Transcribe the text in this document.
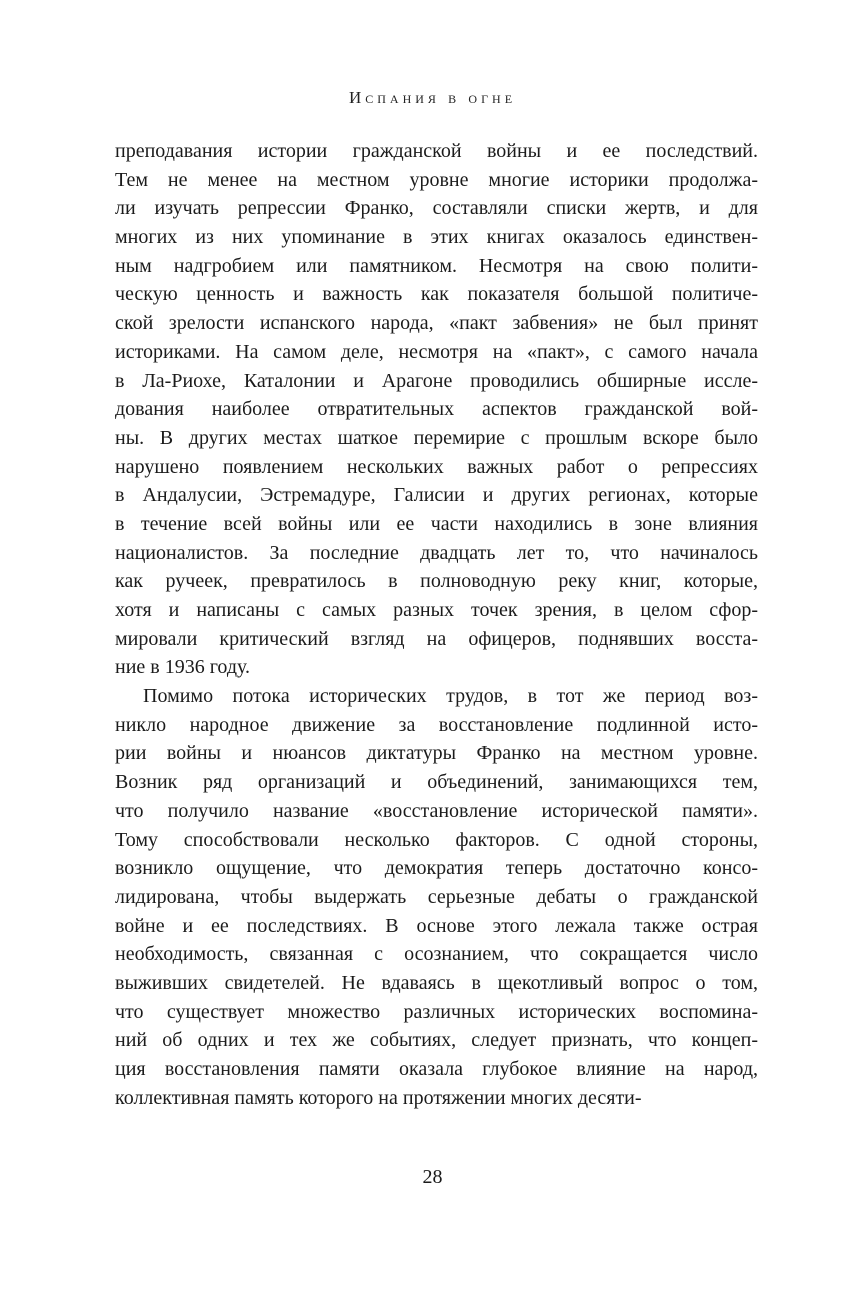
Испания в огне
преподавания истории гражданской войны и ее последствий.
Тем не менее на местном уровне многие историки продолжа-
ли изучать репрессии Франко, составляли списки жертв, и для
многих из них упоминание в этих книгах оказалось единствен-
ным надгробием или памятником. Несмотря на свою полити-
ческую ценность и важность как показателя большой политиче-
ской зрелости испанского народа, «пакт забвения» не был принят
историками. На самом деле, несмотря на «пакт», с самого начала
в Ла-Риохе, Каталонии и Арагоне проводились обширные иссле-
дования наиболее отвратительных аспектов гражданской вой-
ны. В других местах шаткое перемирие с прошлым вскоре было
нарушено появлением нескольких важных работ о репрессиях
в Андалусии, Эстремадуре, Галисии и других регионах, которые
в течение всей войны или ее части находились в зоне влияния
националистов. За последние двадцать лет то, что начиналось
как ручеек, превратилось в полноводную реку книг, которые,
хотя и написаны с самых разных точек зрения, в целом сфор-
мировали критический взгляд на офицеров, поднявших восста-
ние в 1936 году.
Помимо потока исторических трудов, в тот же период воз-
никло народное движение за восстановление подлинной исто-
рии войны и нюансов диктатуры Франко на местном уровне.
Возник ряд организаций и объединений, занимающихся тем,
что получило название «восстановление исторической памяти».
Тому способствовали несколько факторов. С одной стороны,
возникло ощущение, что демократия теперь достаточно консо-
лидирована, чтобы выдержать серьезные дебаты о гражданской
войне и ее последствиях. В основе этого лежала также острая
необходимость, связанная с осознанием, что сокращается число
выживших свидетелей. Не вдаваясь в щекотливый вопрос о том,
что существует множество различных исторических воспомина-
ний об одних и тех же событиях, следует признать, что концеп-
ция восстановления памяти оказала глубокое влияние на народ,
коллективная память которого на протяжении многих десяти-
28
